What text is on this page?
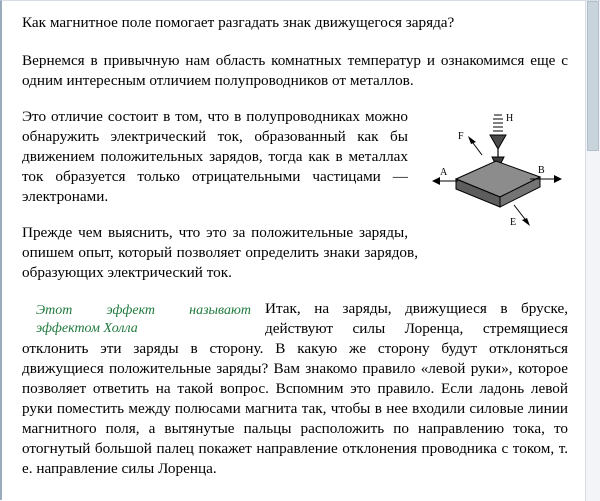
Как магнитное поле помогает разгадать знак движущегося заряда?

Вернемся в привычную нам область комнатных температур и ознакомимся еще с одним интересным отличием полупроводников от металлов.

F
H
A	B
E

Это отличие состоит в том, что в полупроводниках можно обнаружить электрический ток, образованный как бы движением положительных зарядов, тогда как в металлах ток образуется только отрицательными частицами — электронами.

Прежде чем выяснить, что это за положительные заряды, опишем опыт, который позволяет определить знаки зарядов, образующих электрический ток.

Этот эффект называют эффектом Холла
Итак, на заряды, движущиеся в бруске, действуют силы Лоренца, стремящиеся отклонить эти заряды в сторону. В какую же сторону будут отклоняться движущиеся положительные заряды? Вам знакомо правило «левой руки», которое позволяет ответить на такой вопрос. Вспомним это правило. Если ладонь левой руки поместить между полюсами магнита так, чтобы в нее входили силовые линии магнитного поля, а вытянутые пальцы расположить по направлению тока, то отогнутый большой палец покажет направление отклонения проводника с током, т. е. направление силы Лоренца.
